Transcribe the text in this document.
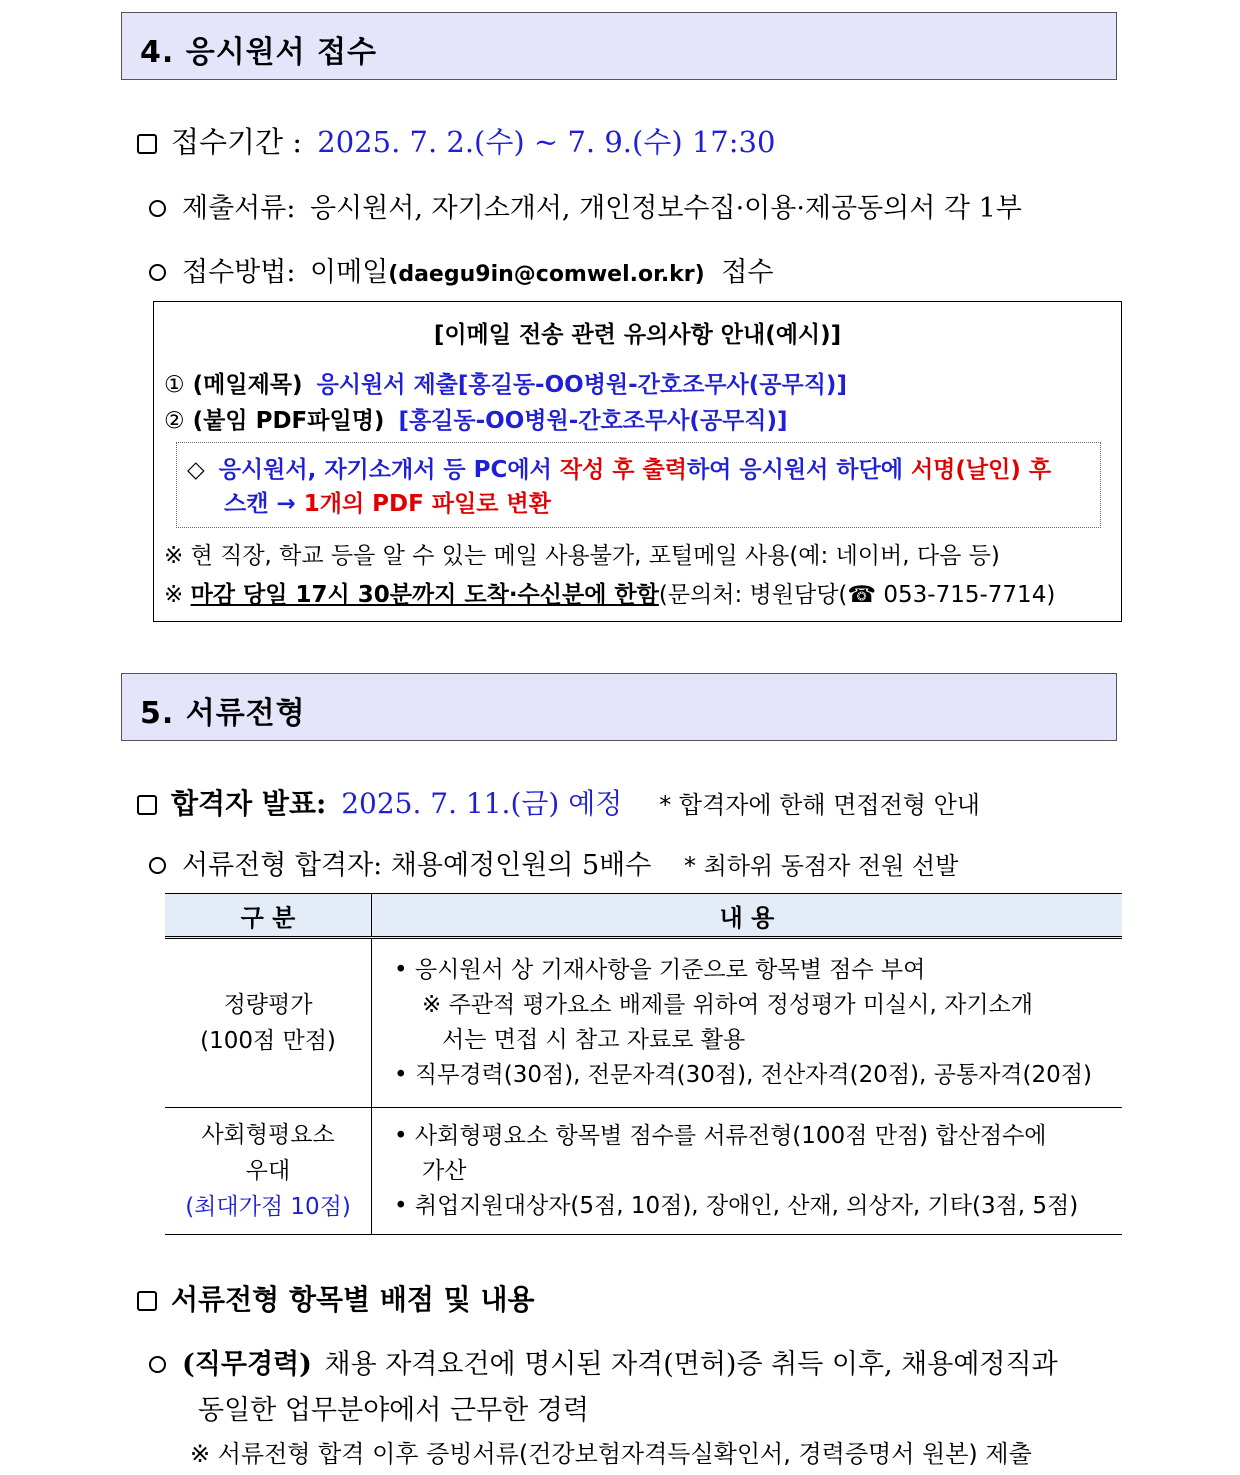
4. 응시원서 접수
접수기간 : 2025. 7. 2.(수) ~ 7. 9.(수) 17:30
제출서류: 응시원서, 자기소개서, 개인정보수집·이용·제공동의서 각 1부
접수방법: 이메일(daegu9in@comwel.or.kr) 접수
[이메일 전송 관련 유의사항 안내(예시)]
① (메일제목) 응시원서 제출[홍길동-OO병원-간호조무사(공무직)]
② (붙임 PDF파일명) [홍길동-OO병원-간호조무사(공무직)]
◇ 응시원서, 자기소개서 등 PC에서 작성 후 출력하여 응시원서 하단에 서명(날인) 후
스캔 → 1개의 PDF 파일로 변환
※ 현 직장, 학교 등을 알 수 있는 메일 사용불가, 포털메일 사용(예: 네이버, 다음 등)
※ 마감 당일 17시 30분까지 도착·수신분에 한함(문의처: 병원담당(☎ 053-715-7714)
5. 서류전형
합격자 발표: 2025. 7. 11.(금) 예정 * 합격자에 한해 면접전형 안내
서류전형 합격자: 채용예정인원의 5배수 * 최하위 동점자 전원 선발
구 분	내 용

정량평가
(100점 만점)	• 응시원서 상 기재사항을 기준으로 항목별 점수 부여
※ 주관적 평가요소 배제를 위하여 정성평가 미실시, 자기소개
서는 면접 시 참고 자료로 활용
• 직무경력(30점), 전문자격(30점), 전산자격(20점), 공통자격(20점)

사회형평요소
우대
(최대가점 10점)	• 사회형평요소 항목별 점수를 서류전형(100점 만점) 합산점수에
가산
• 취업지원대상자(5점, 10점), 장애인, 산재, 의상자, 기타(3점, 5점)
서류전형 항목별 배점 및 내용
(직무경력) 채용 자격요건에 명시된 자격(면허)증 취득 이후, 채용예정직과
동일한 업무분야에서 근무한 경력
※ 서류전형 합격 이후 증빙서류(건강보험자격득실확인서, 경력증명서 원본) 제출
